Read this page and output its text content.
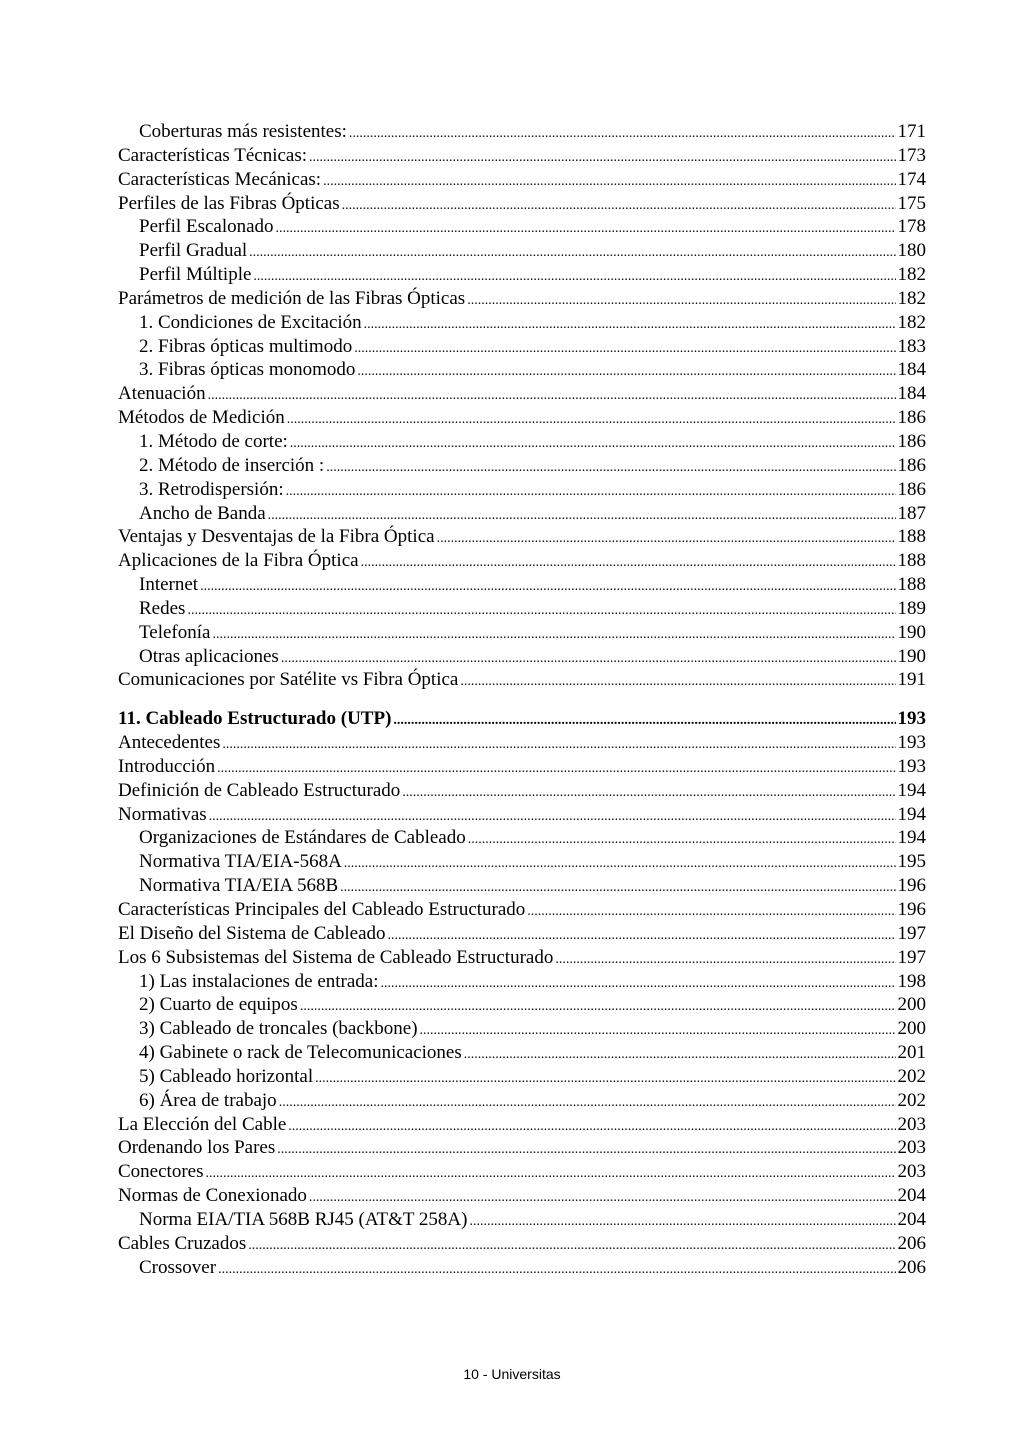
Coberturas más resistentes: .....	171
Características Técnicas: .....	173
Características Mecánicas: .....	174
Perfiles de las Fibras Ópticas .....	175
Perfil Escalonado .....	178
Perfil Gradual .....	180
Perfil Múltiple .....	182
Parámetros de medición de las Fibras Ópticas .....	182
1. Condiciones de Excitación .....	182
2. Fibras ópticas multimodo .....	183
3. Fibras ópticas monomodo .....	184
Atenuación .....	184
Métodos de Medición .....	186
1. Método de corte: .....	186
2. Método de inserción : .....	186
3. Retrodispersión: .....	186
Ancho de Banda .....	187
Ventajas y Desventajas de la Fibra Óptica .....	188
Aplicaciones de la Fibra Óptica .....	188
Internet .....	188
Redes .....	189
Telefonía .....	190
Otras aplicaciones .....	190
Comunicaciones por Satélite vs Fibra Óptica .....	191
11. Cableado Estructurado (UTP) .....	193
Antecedentes .....	193
Introducción .....	193
Definición de Cableado Estructurado .....	194
Normativas .....	194
Organizaciones de Estándares de Cableado .....	194
Normativa TIA/EIA-568A .....	195
Normativa TIA/EIA 568B .....	196
Características Principales del Cableado Estructurado .....	196
El Diseño del Sistema de Cableado .....	197
Los 6 Subsistemas del Sistema de Cableado Estructurado .....	197
1) Las instalaciones de entrada: .....	198
2) Cuarto de equipos .....	200
3) Cableado de troncales (backbone) .....	200
4) Gabinete o rack de Telecomunicaciones .....	201
5) Cableado horizontal .....	202
6) Área de trabajo .....	202
La Elección del Cable .....	203
Ordenando los Pares .....	203
Conectores .....	203
Normas de Conexionado .....	204
Norma EIA/TIA 568B RJ45 (AT&T 258A) .....	204
Cables Cruzados .....	206
Crossover .....	206
10 - Universitas
